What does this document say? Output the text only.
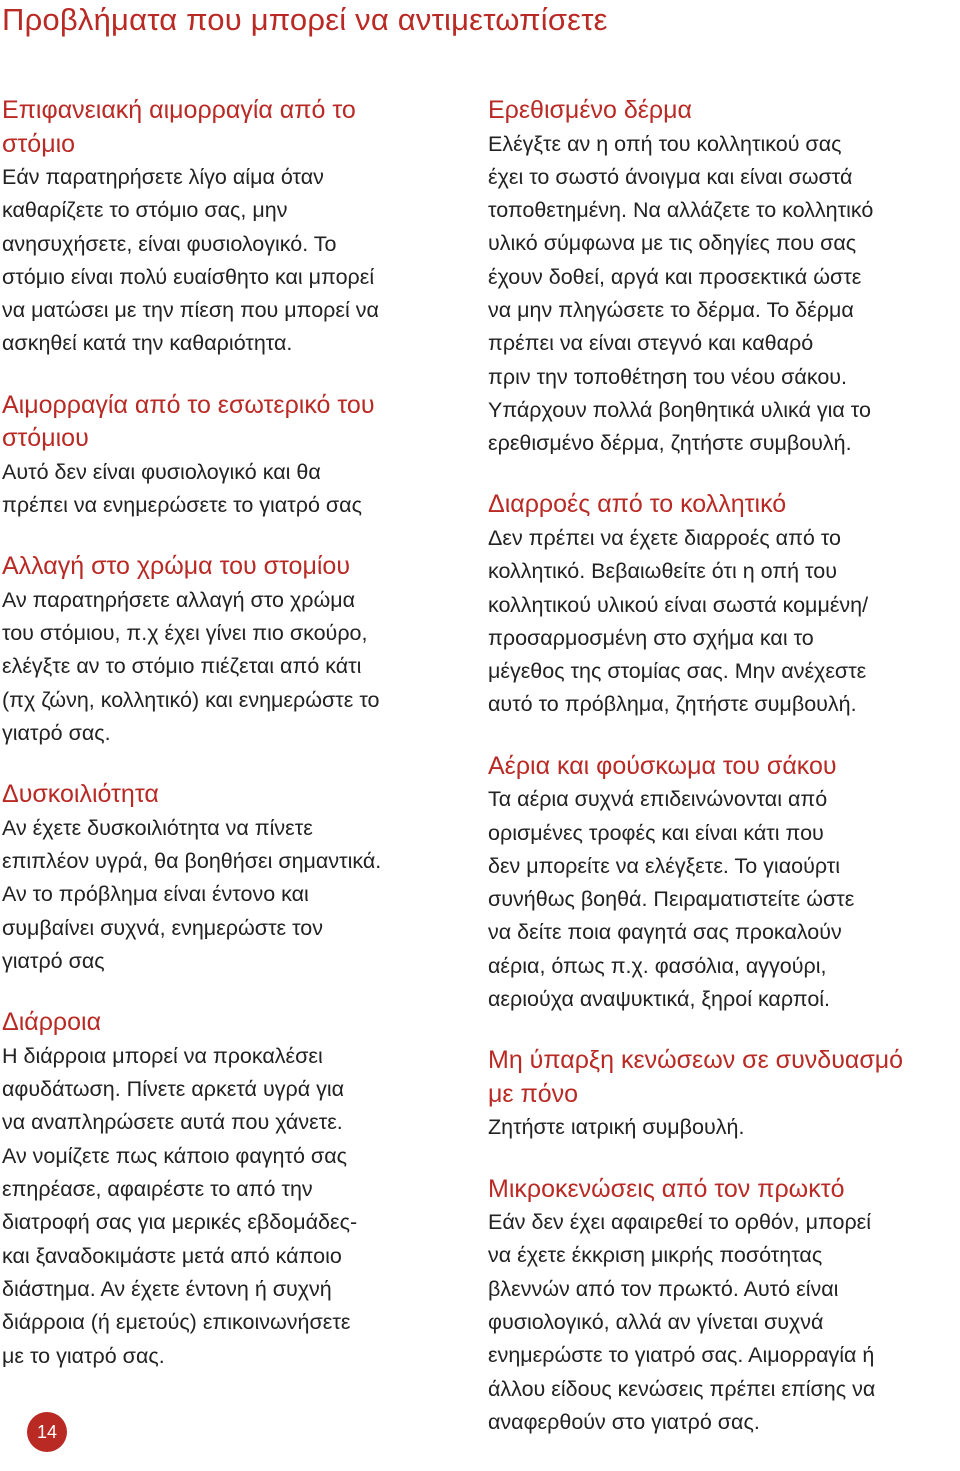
Προβλήματα που μπορεί να αντιμετωπίσετε
Επιφανειακή αιμορραγία από το
στόμιο
Εάν παρατηρήσετε λίγο αίμα όταν
καθαρίζετε το στόμιο σας, μην
ανησυχήσετε, είναι φυσιολογικό. Το
στόμιο είναι πολύ ευαίσθητο και μπορεί
να ματώσει με την πίεση που μπορεί να
ασκηθεί κατά την καθαριότητα.
Αιμορραγία από το εσωτερικό του
στόμιου
Αυτό δεν είναι φυσιολογικό και θα
πρέπει να ενημερώσετε το γιατρό σας
Αλλαγή στο χρώμα του στομίου
Αν παρατηρήσετε αλλαγή στο χρώμα
του στόμιου, π.χ έχει γίνει πιο σκούρο,
ελέγξτε αν το στόμιο πιέζεται από κάτι
(πχ ζώνη, κολλητικό) και ενημερώστε το
γιατρό σας.
Δυσκοιλιότητα
Αν έχετε δυσκοιλιότητα να πίνετε
επιπλέον υγρά, θα βοηθήσει σημαντικά.
Αν το πρόβλημα είναι έντονο και
συμβαίνει συχνά, ενημερώστε τον
γιατρό σας
Διάρροια
Η διάρροια μπορεί να προκαλέσει
αφυδάτωση. Πίνετε αρκετά υγρά για
να αναπληρώσετε αυτά που χάνετε.
Αν νομίζετε πως κάποιο φαγητό σας
επηρέασε, αφαιρέστε το από την
διατροφή σας για μερικές εβδομάδες-
και ξαναδοκιμάστε μετά από κάποιο
διάστημα. Αν έχετε έντονη ή συχνή
διάρροια (ή εμετούς) επικοινωνήσετε
με το γιατρό σας.
Ερεθισμένο δέρμα
Ελέγξτε αν η οπή του κολλητικού σας
έχει το σωστό άνοιγμα και είναι σωστά
τοποθετημένη. Να αλλάζετε το κολλητικό
υλικό σύμφωνα με τις οδηγίες που σας
έχουν δοθεί, αργά και προσεκτικά ώστε
να μην πληγώσετε το δέρμα. Το δέρμα
πρέπει να είναι στεγνό και καθαρό
πριν την τοποθέτηση του νέου σάκου.
Υπάρχουν πολλά βοηθητικά υλικά για το
ερεθισμένο δέρμα, ζητήστε συμβουλή.
Διαρροές από το κολλητικό
Δεν πρέπει να έχετε διαρροές από το
κολλητικό. Βεβαιωθείτε ότι η οπή του
κολλητικού υλικού είναι σωστά κομμένη/
προσαρμοσμένη στο σχήμα και το
μέγεθος της στομίας σας. Μην ανέχεστε
αυτό το πρόβλημα, ζητήστε συμβουλή.
Αέρια και φούσκωμα του σάκου
Τα αέρια συχνά επιδεινώνονται από
ορισμένες τροφές και είναι κάτι που
δεν μπορείτε να ελέγξετε. Το γιαούρτι
συνήθως βοηθά. Πειραματιστείτε ώστε
να δείτε ποια φαγητά σας προκαλούν
αέρια, όπως π.χ. φασόλια, αγγούρι,
αεριούχα αναψυκτικά, ξηροί καρποί.
Μη ύπαρξη κενώσεων σε συνδυασμό
με πόνο
Ζητήστε ιατρική συμβουλή.
Μικροκενώσεις από τον πρωκτό
Εάν δεν έχει αφαιρεθεί το ορθόν, μπορεί
να έχετε έκκριση μικρής ποσότητας
βλεννών από τον πρωκτό. Αυτό είναι
φυσιολογικό, αλλά αν γίνεται συχνά
ενημερώστε το γιατρό σας. Αιμορραγία ή
άλλου είδους κενώσεις πρέπει επίσης να
αναφερθούν στο γιατρό σας.
14
